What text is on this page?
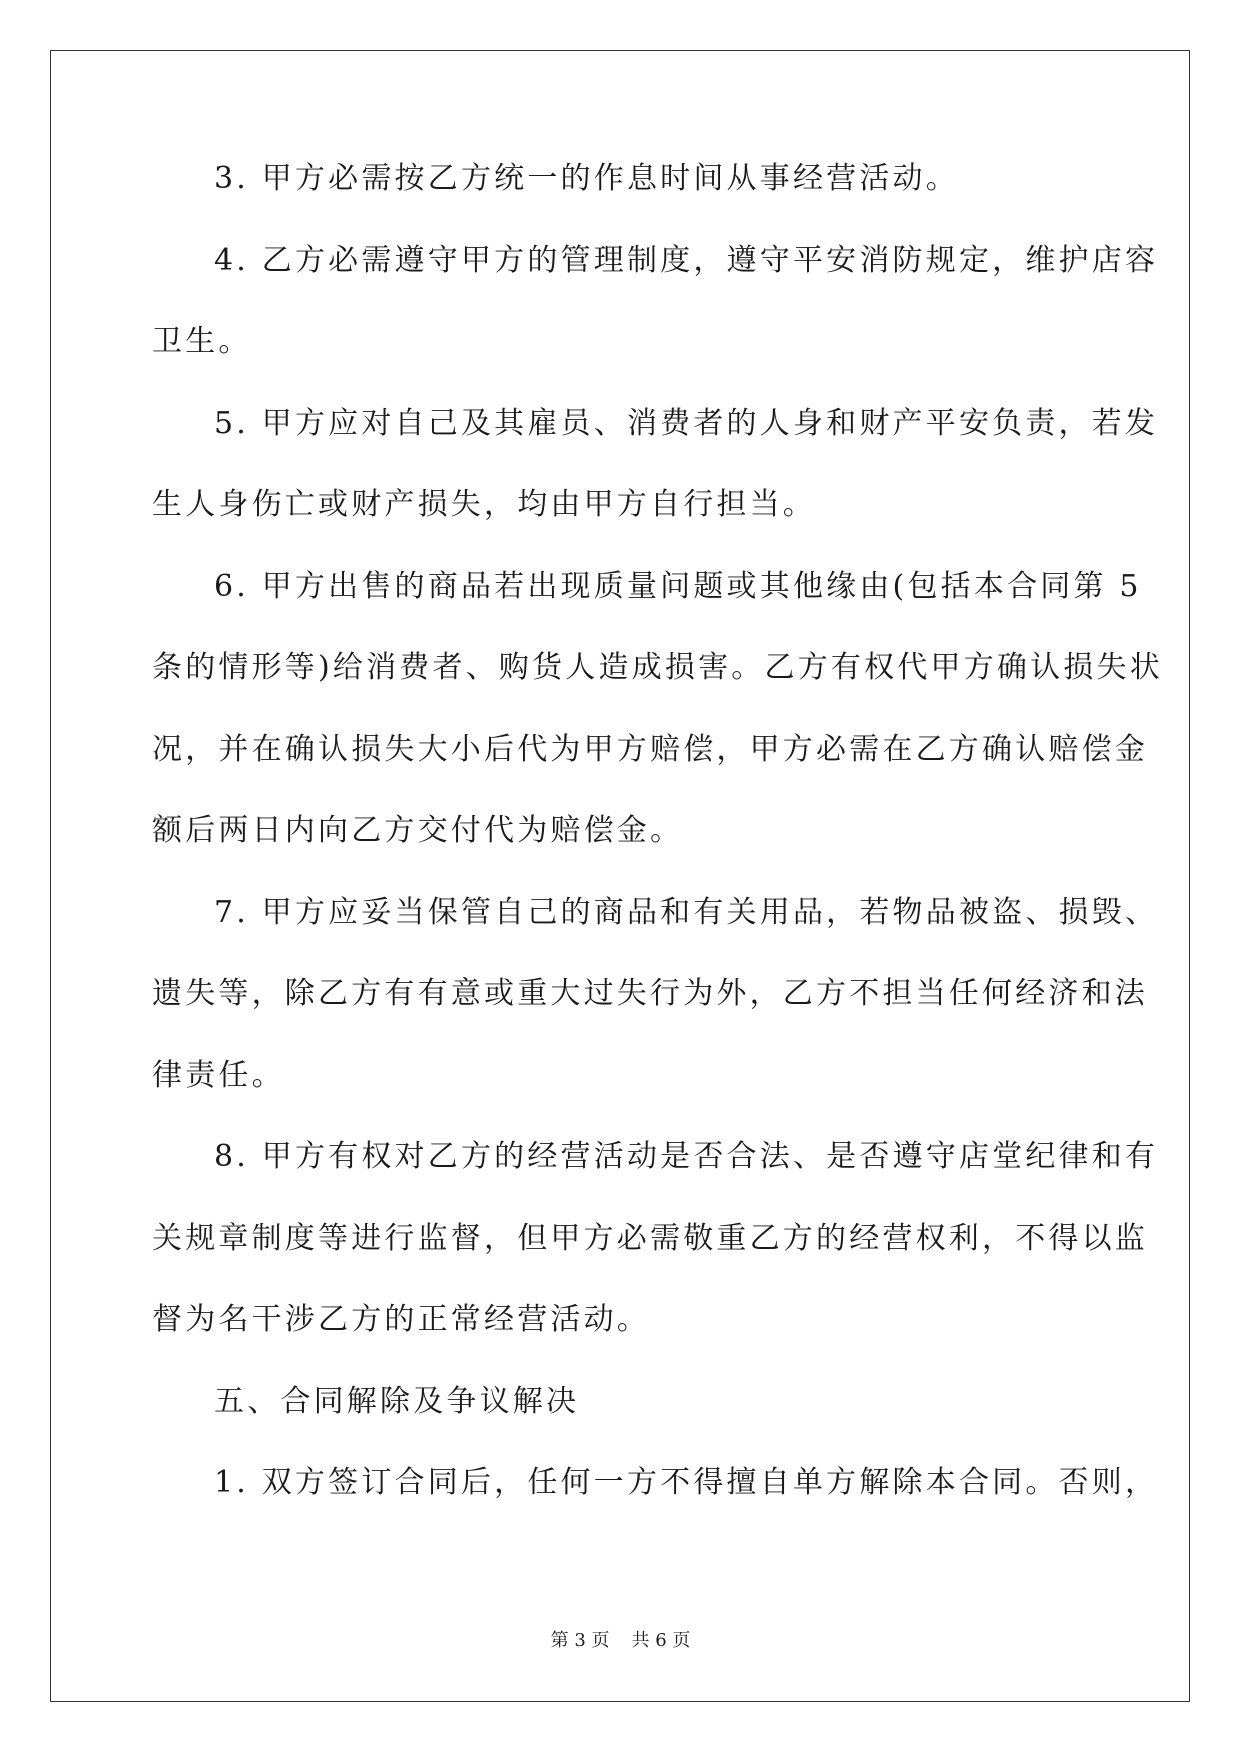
3. 甲方必需按乙方统一的作息时间从事经营活动。
4. 乙方必需遵守甲方的管理制度，遵守平安消防规定，维护店容
卫生。
5. 甲方应对自己及其雇员、消费者的人身和财产平安负责，若发
生人身伤亡或财产损失，均由甲方自行担当。
6. 甲方出售的商品若出现质量问题或其他缘由(包括本合同第 5
条的情形等)给消费者、购货人造成损害。乙方有权代甲方确认损失状
况，并在确认损失大小后代为甲方赔偿，甲方必需在乙方确认赔偿金
额后两日内向乙方交付代为赔偿金。
7. 甲方应妥当保管自己的商品和有关用品，若物品被盗、损毁、
遗失等，除乙方有有意或重大过失行为外，乙方不担当任何经济和法
律责任。
8. 甲方有权对乙方的经营活动是否合法、是否遵守店堂纪律和有
关规章制度等进行监督，但甲方必需敬重乙方的经营权利，不得以监
督为名干涉乙方的正常经营活动。
五、合同解除及争议解决
1. 双方签订合同后，任何一方不得擅自单方解除本合同。否则，
第 3 页 共 6 页
